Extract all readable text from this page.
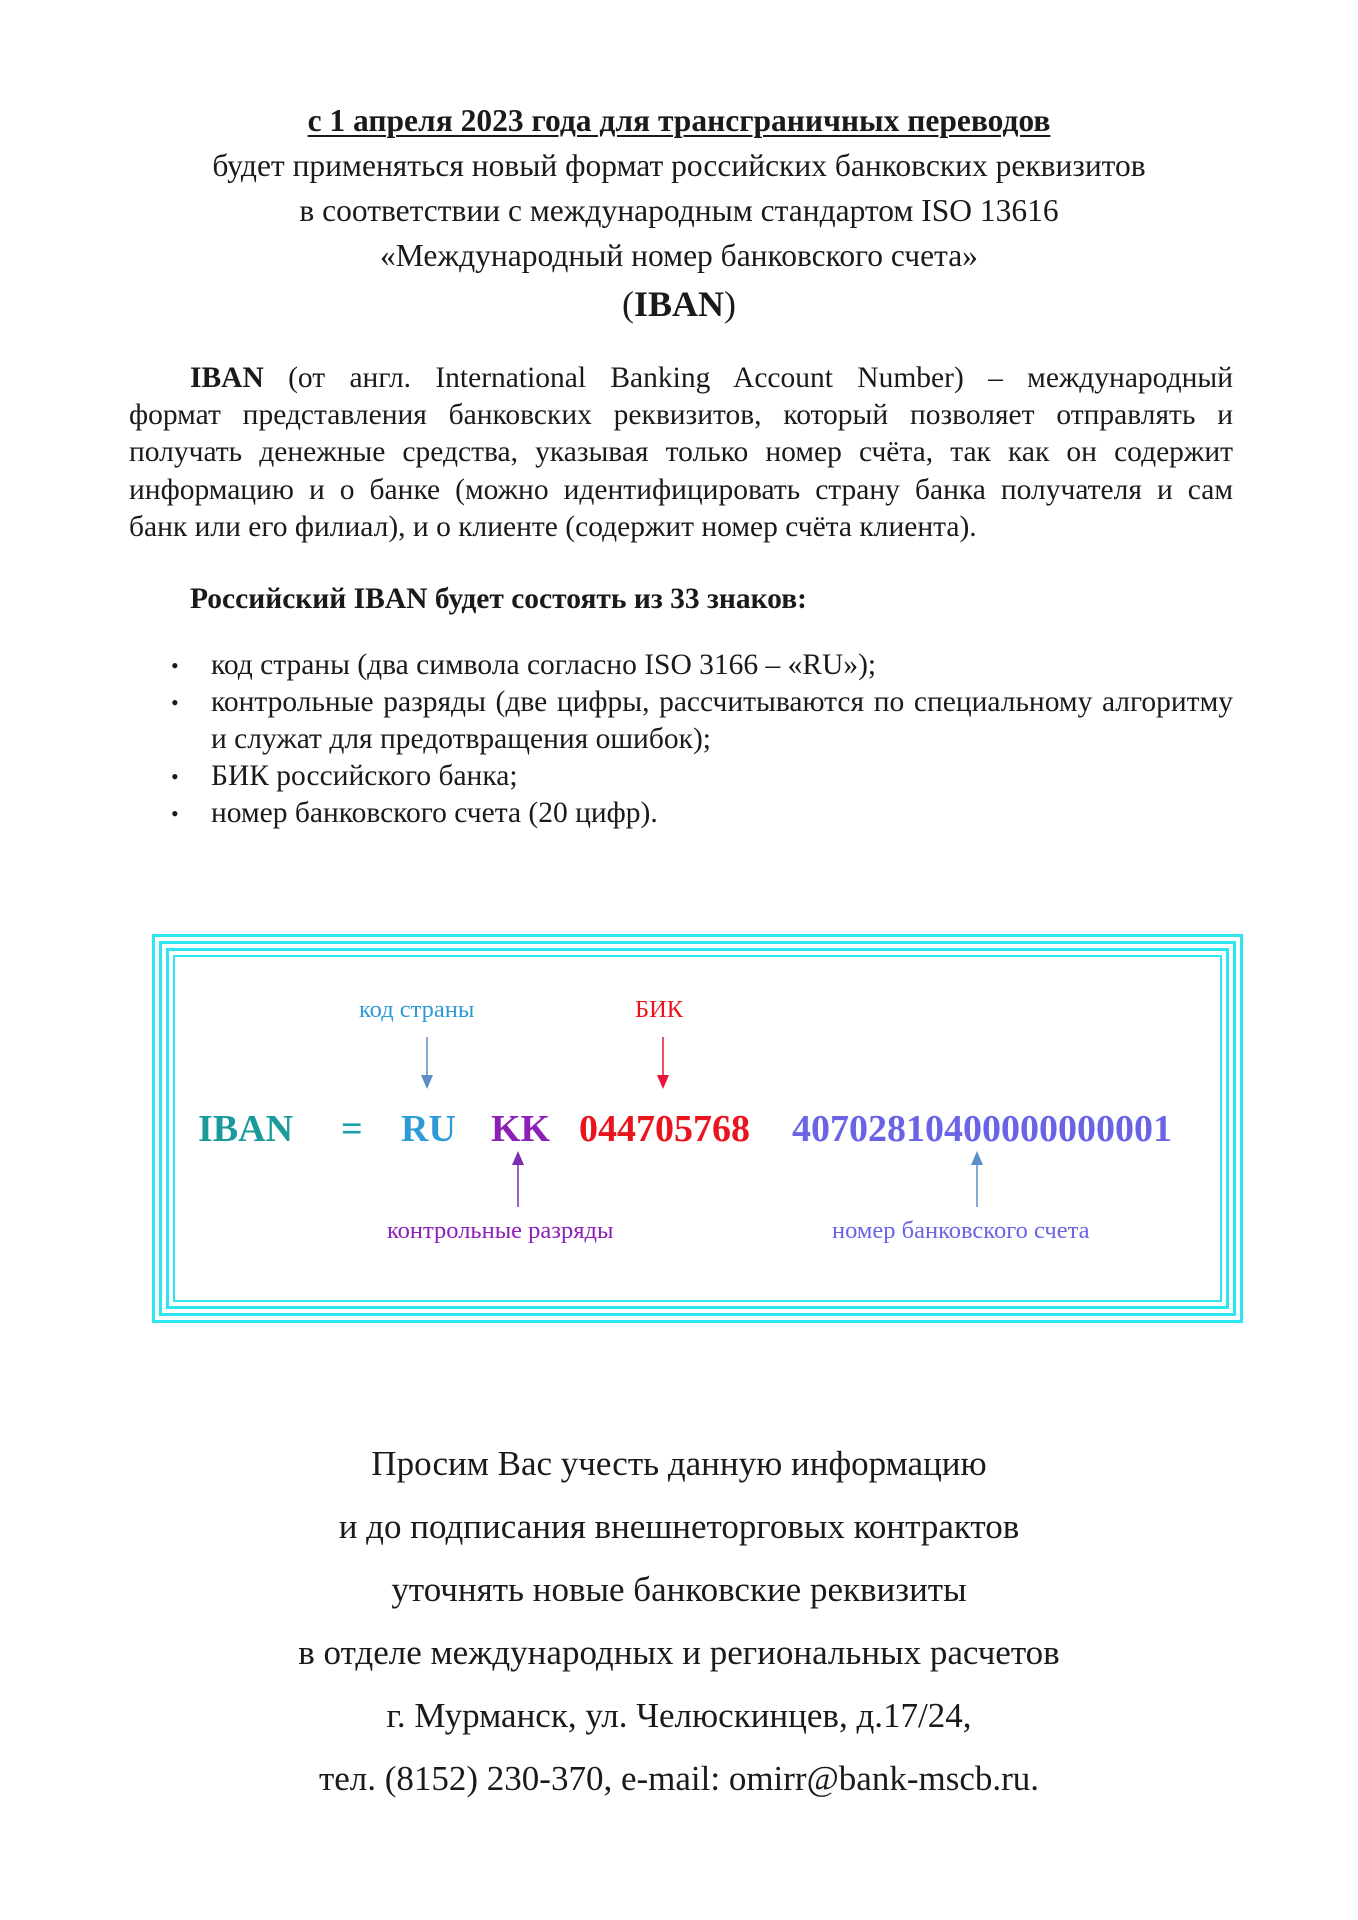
с 1 апреля 2023 года для трансграничных переводов
будет применяться новый формат российских банковских реквизитов
в соответствии с международным стандартом ISO 13616
«Международный номер банковского счета»
(IBAN)
IBAN (от англ. International Banking Account Number) – международный
формат представления банковских реквизитов, который позволяет отправлять и
получать денежные средства, указывая только номер счёта, так как он содержит
информацию и о банке (можно идентифицировать страну банка получателя и сам
банк или его филиал), и о клиенте (содержит номер счёта клиента).
Российский IBAN будет состоять из 33 знаков:
• код страны (два символа согласно ISO 3166 – «RU»);
• контрольные разряды (две цифры, рассчитываются по специальному алгоритму и служат для предотвращения ошибок);
• БИК российского банка;
• номер банковского счета (20 цифр).
код страны	БИК
IBAN = RU KK 044705768 40702810400000000001
контрольные разряды	номер банковского счета
Просим Вас учесть данную информацию
и до подписания внешнеторговых контрактов
уточнять новые банковские реквизиты
в отделе международных и региональных расчетов
г. Мурманск, ул. Челюскинцев, д.17/24,
тел. (8152) 230-370, e-mail: omirr@bank-mscb.ru.
